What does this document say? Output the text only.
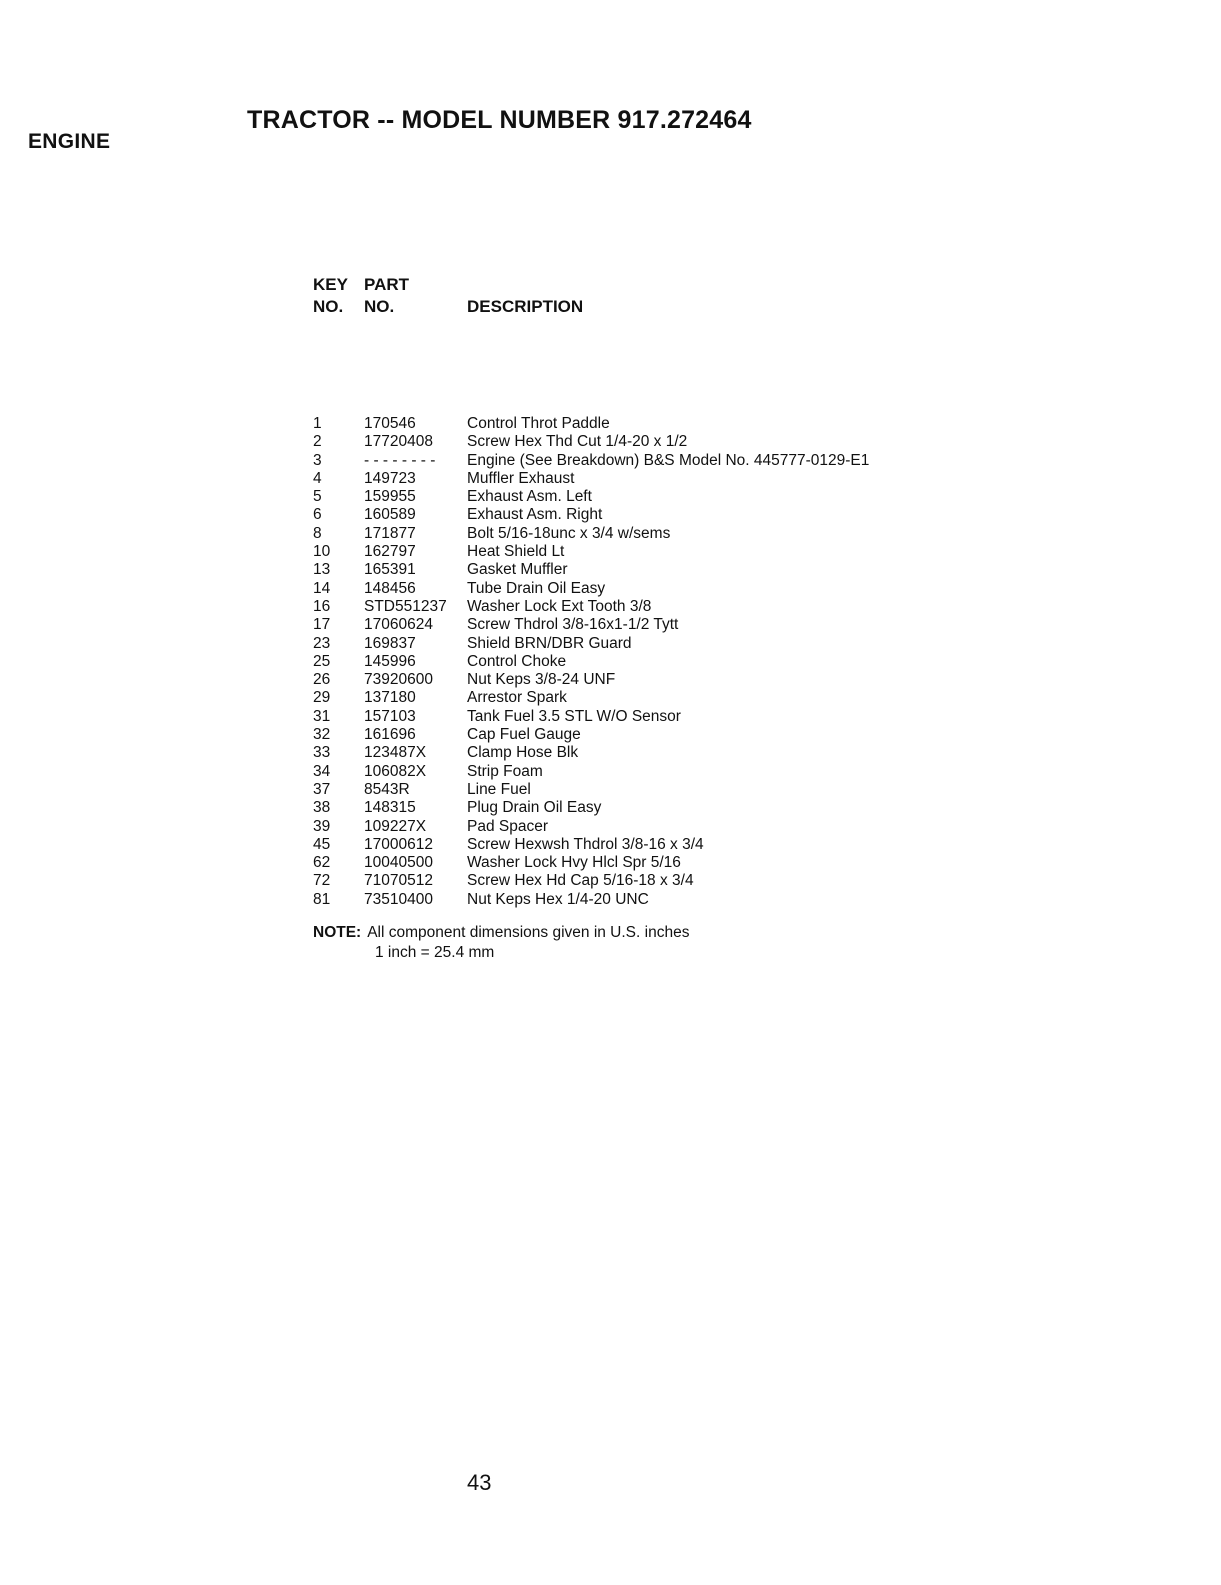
ENGINE
TRACTOR -- MODEL NUMBER 917.272464
KEY PART
NO. NO.	DESCRIPTION
1	170546	Control Throt Paddle
2	17720408 Screw Hex Thd Cut 1/4-20 x 1/2
3	- - - - - - - - Engine (See Breakdown) B&S Model No. 445777-0129-E1
4	149723	Muffler Exhaust
5	159955	Exhaust Asm. Left
6	160589	Exhaust Asm. Right
8	171877	Bolt 5/16-18unc x 3/4 w/sems
10 162797	Heat Shield Lt
13 165391	Gasket Muffler
14 148456	Tube Drain Oil Easy
16 STD551237 Washer Lock Ext Tooth 3/8
17 17060624 Screw Thdrol 3/8-16x1-1/2 Tytt
23 169837	Shield BRN/DBR Guard
25 145996	Control Choke
26 73920600 Nut Keps 3/8-24 UNF
29 137180	Arrestor Spark
31 157103	Tank Fuel 3.5 STL W/O Sensor
32 161696	Cap Fuel Gauge
33 123487X	Clamp Hose Blk
34 106082X	Strip Foam
37 8543R	Line Fuel
38 148315	Plug Drain Oil Easy
39 109227X	Pad Spacer
45 17000612 Screw Hexwsh Thdrol 3/8-16 x 3/4
62 10040500 Washer Lock Hvy Hlcl Spr 5/16
72 71070512 Screw Hex Hd Cap 5/16-18 x 3/4
81 73510400 Nut Keps Hex 1/4-20 UNC
NOTE: All component dimensions given in U.S. inches
1 inch = 25.4 mm
43
